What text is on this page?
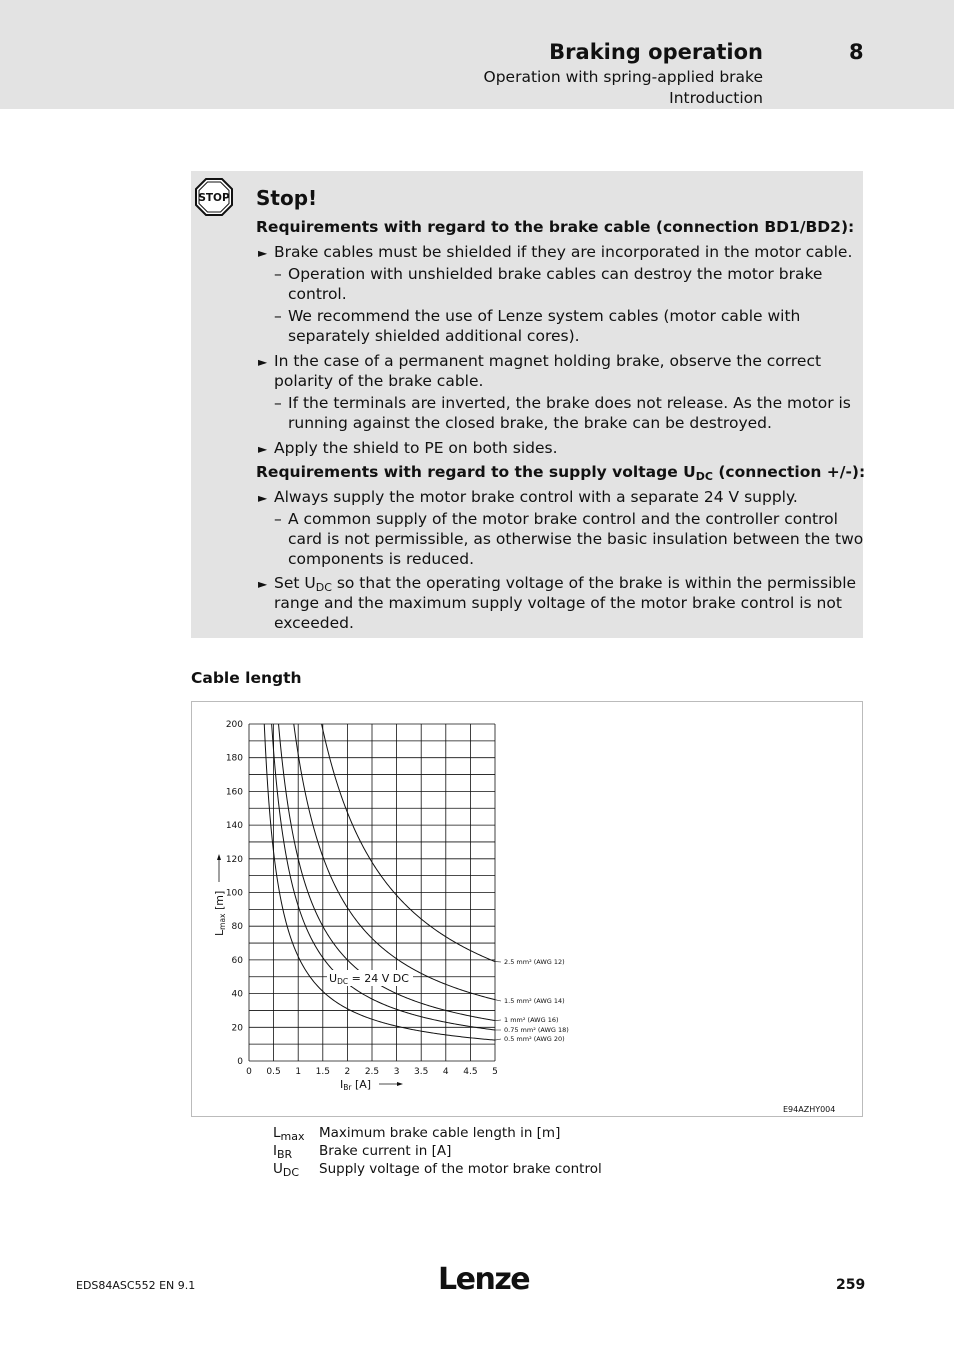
Braking operation	8
Operation with spring-applied brake
Introduction
STOP Stop!
Requirements with regard to the brake cable (connection BD1/BD2):
► Brake cables must be shielded if they are incorporated in the motor cable.
– Operation with unshielded brake cables can destroy the motor brake
control.
– We recommend the use of Lenze system cables (motor cable with
separately shielded additional cores).
► In the case of a permanent magnet holding brake, observe the correct
polarity of the brake cable.
– If the terminals are inverted, the brake does not release. As the motor is
running against the closed brake, the brake can be destroyed.
► Apply the shield to PE on both sides.
Requirements with regard to the supply voltage $U_{DC}$ (connection +/-):
► Always supply the motor brake control with a separate 24 V supply.
– A common supply of the motor brake control and the controller control
card is not permissible, as otherwise the basic insulation between the two
components is reduced.
► Set $U_{DC}$ so that the operating voltage of the brake is within the permissible
range and the maximum supply voltage of the motor brake control is not
exceeded.
Cable length
0 0.5 1 1.5 2 2.5 3 3.5 4 4.5 5
0
20
40
60
80
100
120
140
160
180
200
IBr [A]
Lmax [m]
2.5 mm² (AWG 12)
1.5 mm² (AWG 14)
1 mm² (AWG 16)
0.75 mm² (AWG 18)
0.5 mm² (AWG 20)
UDC = 24 V DC
E94AZHY004
$L_{max}$ Maximum brake cable length in [m]
$I_{BR}$ Brake current in [A]
$U_{DC}$ Supply voltage of the motor brake control
EDS84ASC552 EN 9.1	Lenze	259
